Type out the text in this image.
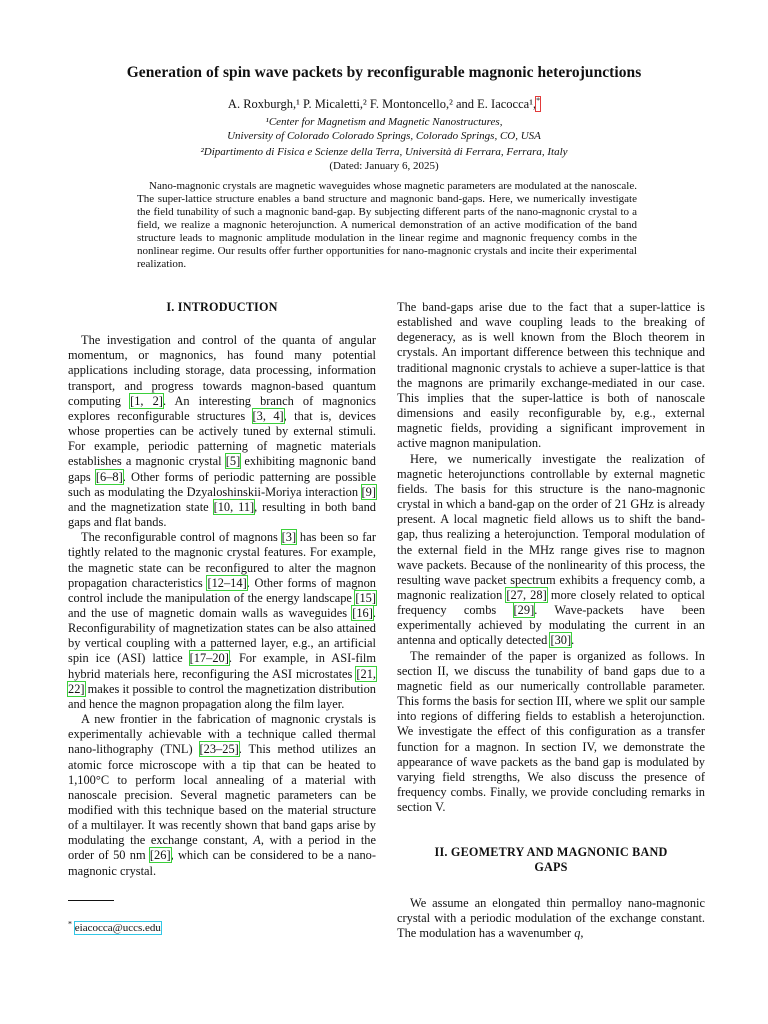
Generation of spin wave packets by reconfigurable magnonic heterojunctions
A. Roxburgh,¹ P. Micaletti,² F. Montoncello,² and E. Iacocca¹,*
¹Center for Magnetism and Magnetic Nanostructures,
University of Colorado Colorado Springs, Colorado Springs, CO, USA
²Dipartimento di Fisica e Scienze della Terra, Università di Ferrara, Ferrara, Italy
(Dated: January 6, 2025)

Nano-magnonic crystals are magnetic waveguides whose magnetic parameters are modulated at the nanoscale. The super-lattice structure enables a band structure and magnonic band-gaps. Here, we numerically investigate the field tunability of such a magnonic band-gap. By subjecting different parts of the nano-magnonic crystal to a field, we realize a magnonic heterojunction. A numerical demonstration of an active modification of the band structure leads to magnonic amplitude modulation in the linear regime and magnonic frequency combs in the nonlinear regime. Our results offer further opportunities for nano-magnonic crystals and incite their experimental realization.

I. INTRODUCTION

The investigation and control of the quanta of angular momentum, or magnonics, has found many potential applications including storage, data processing, information transport, and progress towards magnon-based quantum computing [1, 2]. An interesting branch of magnonics explores reconfigurable structures [3, 4], that is, devices whose properties can be actively tuned by external stimuli. For example, periodic patterning of magnetic materials establishes a magnonic crystal [5] exhibiting magnonic band gaps [6–8]. Other forms of periodic patterning are possible such as modulating the Dzyaloshinskii-Moriya interaction [9] and the magnetization state [10, 11], resulting in both band gaps and flat bands.

The reconfigurable control of magnons [3] has been so far tightly related to the magnonic crystal features. For example, the magnetic state can be reconfigured to alter the magnon propagation characteristics [12–14]. Other forms of magnon control include the manipulation of the energy landscape [15] and the use of magnetic domain walls as waveguides [16]. Reconfigurability of magnetization states can be also attained by vertical coupling with a patterned layer, e.g., an artificial spin ice (ASI) lattice [17–20]. For example, in ASI-film hybrid materials here, reconfiguring the ASI microstates [21, 22] makes it possible to control the magnetization distribution and hence the magnon propagation along the film layer.

A new frontier in the fabrication of magnonic crystals is experimentally achievable with a technique called thermal nano-lithography (TNL) [23–25]. This method utilizes an atomic force microscope with a tip that can be heated to 1,100°C to perform local annealing of a material with nanoscale precision. Several magnetic parameters can be modified with this technique based on the material structure of a multilayer. It was recently shown that band gaps arise by modulating the exchange constant, A, with a period in the order of 50 nm [26], which can be considered to be a nano-magnonic crystal.

The band-gaps arise due to the fact that a super-lattice is established and wave coupling leads to the breaking of degeneracy, as is well known from the Bloch theorem in crystals. An important difference between this technique and traditional magnonic crystals to achieve a super-lattice is that the magnons are primarily exchange-mediated in our case. This implies that the super-lattice is both of nanoscale dimensions and easily reconfigurable by, e.g., external magnetic fields, providing a significant improvement in active magnon manipulation.

Here, we numerically investigate the realization of magnetic heterojunctions controllable by external magnetic fields. The basis for this structure is the nano-magnonic crystal in which a band-gap on the order of 21 GHz is already present. A local magnetic field allows us to shift the band-gap, thus realizing a heterojunction. Temporal modulation of the external field in the MHz range gives rise to magnon wave packets. Because of the nonlinearity of this process, the resulting wave packet spectrum exhibits a frequency comb, a magnonic realization [27, 28] more closely related to optical frequency combs [29]. Wave-packets have been experimentally achieved by modulating the current in an antenna and optically detected [30].

The remainder of the paper is organized as follows. In section II, we discuss the tunability of band gaps due to a magnetic field as our numerically controllable parameter. This forms the basis for section III, where we split our sample into regions of differing fields to establish a heterojunction. We investigate the effect of this configuration as a transfer function for a magnon. In section IV, we demonstrate the appearance of wave packets as the band gap is modulated by varying field strengths, We also discuss the presence of frequency combs. Finally, we provide concluding remarks in section V.

II. GEOMETRY AND MAGNONIC BAND GAPS

We assume an elongated thin permalloy nano-magnonic crystal with a periodic modulation of the exchange constant. The modulation has a wavenumber q,

* eiacocca@uccs.edu
